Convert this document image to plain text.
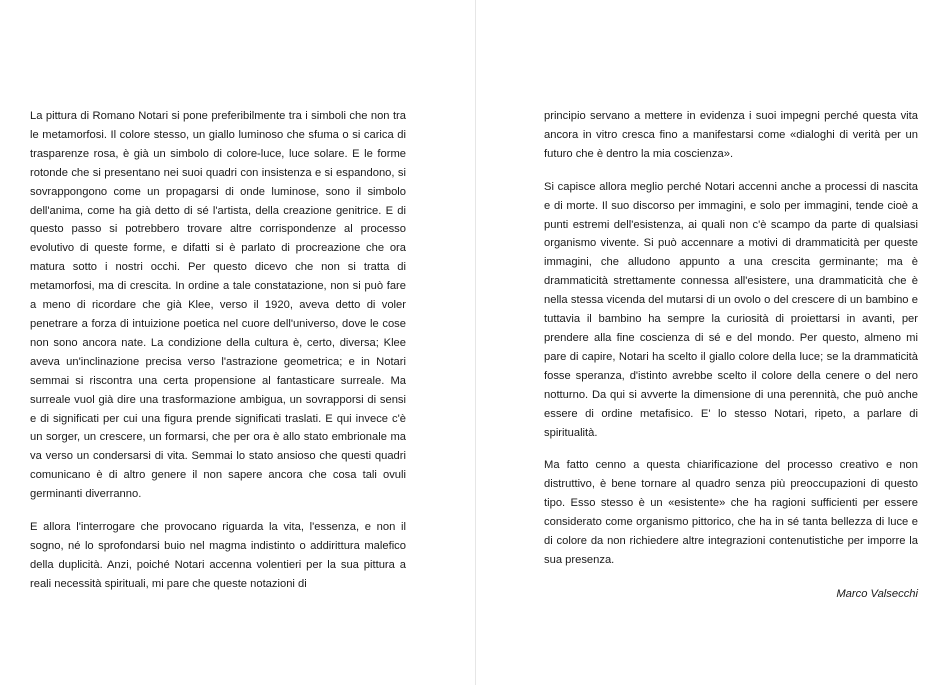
La pittura di Romano Notari si pone preferibilmente tra i simboli che non tra le metamorfosi. Il colore stesso, un giallo luminoso che sfuma o si carica di trasparenze rosa, è già un simbolo di colore-luce, luce solare. E le forme rotonde che si presentano nei suoi quadri con insistenza e si espandono, si sovrappongono come un propagarsi di onde luminose, sono il simbolo dell'anima, come ha già detto di sé l'artista, della creazione genitrice. E di questo passo si potrebbero trovare altre corrispondenze al processo evolutivo di queste forme, e difatti si è parlato di procreazione che ora matura sotto i nostri occhi. Per questo dicevo che non si tratta di metamorfosi, ma di crescita. In ordine a tale constatazione, non si può fare a meno di ricordare che già Klee, verso il 1920, aveva detto di voler penetrare a forza di intuizione poetica nel cuore dell'universo, dove le cose non sono ancora nate. La condizione della cultura è, certo, diversa; Klee aveva un'inclinazione precisa verso l'astrazione geometrica; e in Notari semmai si riscontra una certa propensione al fantasticare surreale. Ma surreale vuol già dire una trasformazione ambigua, un sovrapporsi di sensi e di significati per cui una figura prende significati traslati. E qui invece c'è un sorger, un crescere, un formarsi, che per ora è allo stato embrionale ma va verso un condersarsi di vita. Semmai lo stato ansioso che questi quadri comunicano è di altro genere il non sapere ancora che cosa tali ovuli germinanti diverranno.

E allora l'interrogare che provocano riguarda la vita, l'essenza, e non il sogno, né lo sprofondarsi buio nel magma indistinto o addirittura malefico della duplicità. Anzi, poiché Notari accenna volentieri per la sua pittura a reali necessità spirituali, mi pare che queste notazioni di

principio servano a mettere in evidenza i suoi impegni perché questa vita ancora in vitro cresca fino a manifestarsi come «dialoghi di verità per un futuro che è dentro la mia coscienza».

Si capisce allora meglio perché Notari accenni anche a processi di nascita e di morte. Il suo discorso per immagini, e solo per immagini, tende cioè a punti estremi dell'esistenza, ai quali non c'è scampo da parte di qualsiasi organismo vivente. Si può accennare a motivi di drammaticità per queste immagini, che alludono appunto a una crescita germinante; ma è drammaticità strettamente connessa all'esistere, una drammaticità che è nella stessa vicenda del mutarsi di un ovolo o del crescere di un bambino e tuttavia il bambino ha sempre la curiosità di proiettarsi in avanti, per prendere alla fine coscienza di sé e del mondo. Per questo, almeno mi pare di capire, Notari ha scelto il giallo colore della luce; se la drammaticità fosse speranza, d'istinto avrebbe scelto il colore della cenere o del nero notturno. Da qui si avverte la dimensione di una perennità, che può anche essere di ordine metafisico. E' lo stesso Notari, ripeto, a parlare di spiritualità.

Ma fatto cenno a questa chiarificazione del processo creativo e non distruttivo, è bene tornare al quadro senza più preoccupazioni di questo tipo. Esso stesso è un «esistente» che ha ragioni sufficienti per essere considerato come organismo pittorico, che ha in sé tanta bellezza di luce e di colore da non richiedere altre integrazioni contenutistiche per imporre la sua presenza.

Marco Valsecchi
